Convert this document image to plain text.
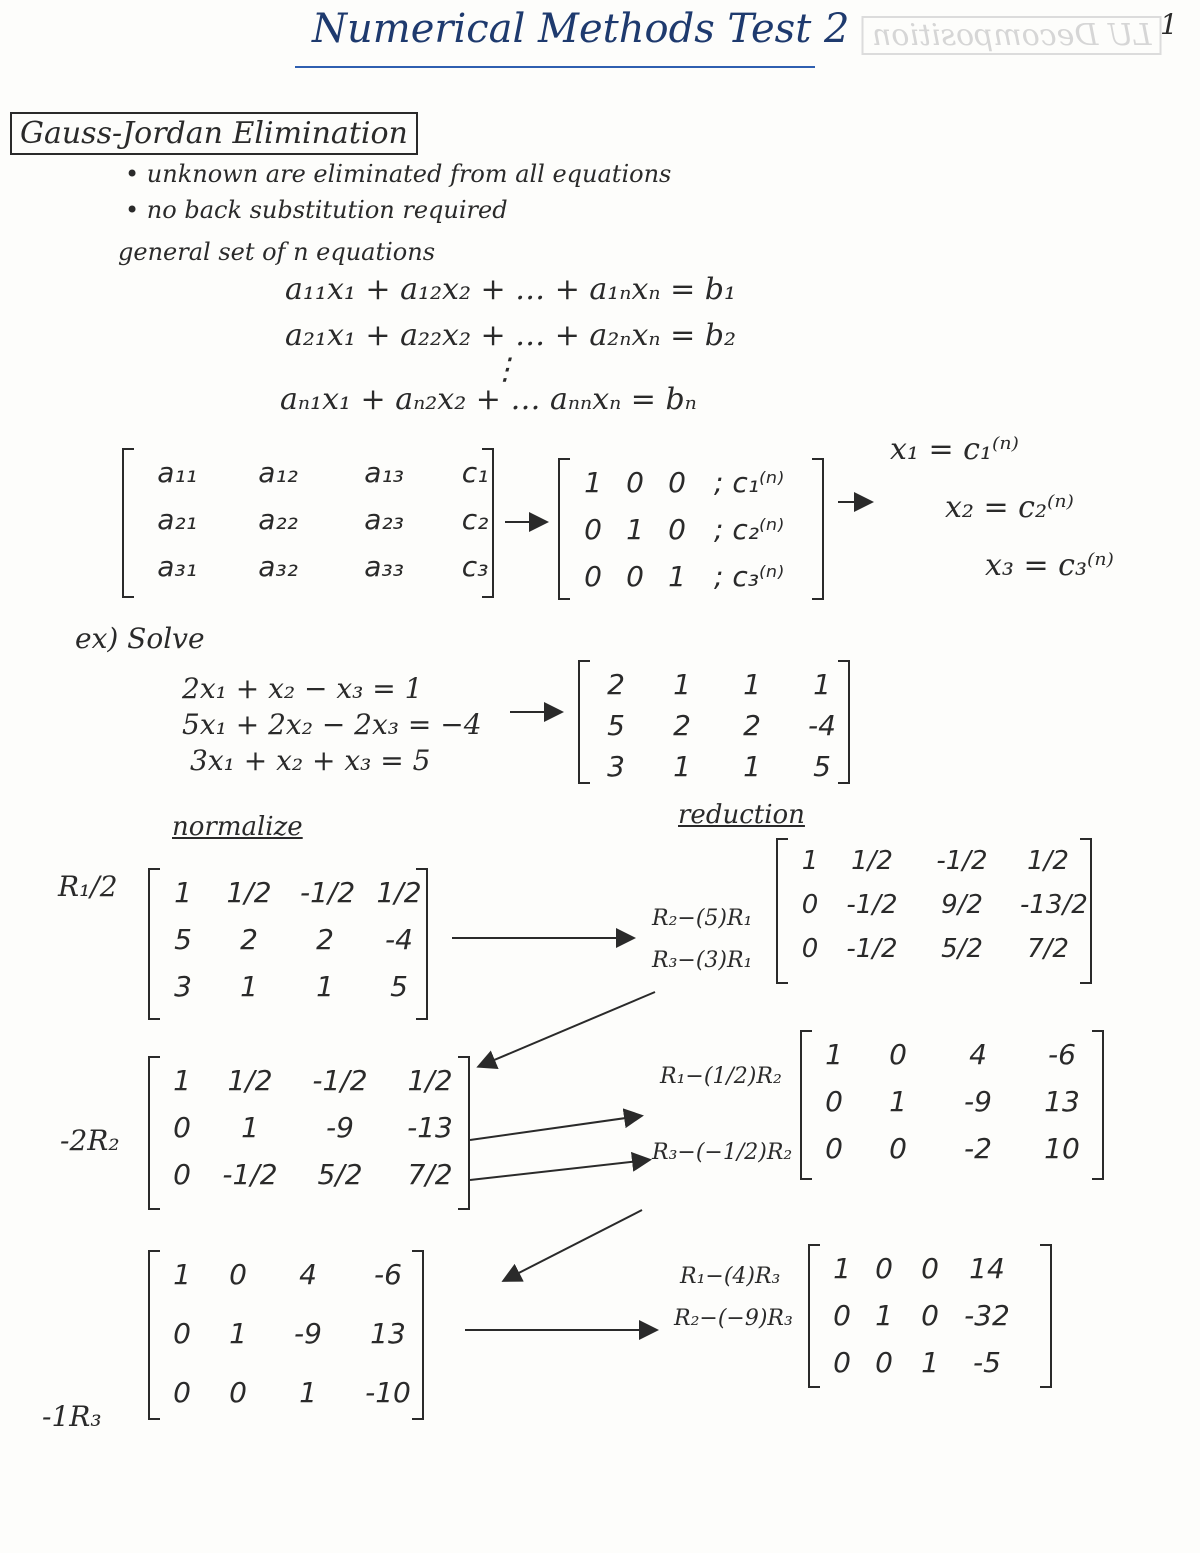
Numerical Methods Test 2	1
LU Decomposition
Gauss-Jordan Elimination
• unknown are eliminated from all equations
• no back substitution required
general set of n equations
a₁₁x₁ + a₁₂x₂ + … + a₁ₙxₙ = b₁
a₂₁x₁ + a₂₂x₂ + … + a₂ₙxₙ = b₂
⋮
aₙ₁x₁ + aₙ₂x₂ + … aₙₙxₙ = bₙ
a₁₁	a₁₂	a₁₃	c₁
a₂₁	a₂₂	a₂₃	c₂
a₃₁	a₃₂	a₃₃	c₃
1 0 0	; c₁⁽ⁿ⁾
0 1 0	; c₂⁽ⁿ⁾
0 0 1	; c₃⁽ⁿ⁾
x₁ = c₁⁽ⁿ⁾
x₂ = c₂⁽ⁿ⁾
x₃ = c₃⁽ⁿ⁾
ex) Solve
2x₁ + x₂ − x₃ = 1
5x₁ + 2x₂ − 2x₃ = −4
3x₁ + x₂ + x₃ = 5
2	1	1	1
5	2	2	-4
3	1	1	5
normalize	reduction
R₁/2 1 1/2 -1/2 1/2
5	2	2	-4
3	1	1	5
R₂−(5)R₁
R₃−(3)R₁
1	1/2	-1/2	1/2
0 -1/2	9/2	-13/2
0 -1/2	5/2	7/2
-2R₂
1 1/2 -1/2 1/2
0	1	-9	-13
0 -1/2	5/2	7/2
R₁−(1/2)R₂
R₃−(−1/2)R₂
1	0	4	-6
0	1	-9	13
0	0	-2	10
-1R₃
1	0	4	-6
0	1	-9	13
0	0	1	-10
R₁−(4)R₃
R₂−(−9)R₃
1 0 0 14
0 1 0 -32
0 0 1	-5
